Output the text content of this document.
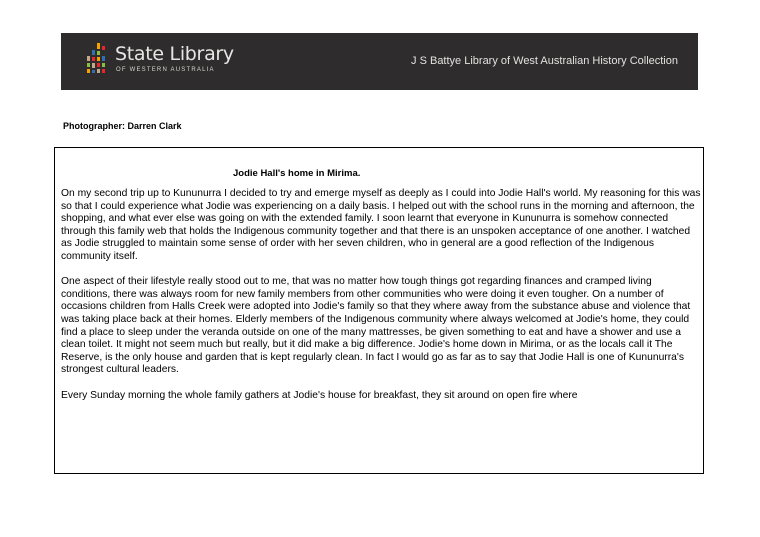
State Library
OF WESTERN AUSTRALIA
J S Battye Library of West Australian History Collection
Photographer: Darren Clark
Jodie Hall's home in Mirima.

On my second trip up to Kununurra I decided to try and emerge myself as deeply as I could into Jodie Hall's world. My reasoning for this was so that I could experience what Jodie was experiencing on a daily basis. I helped out with the school runs in the morning and afternoon, the shopping, and what ever else was going on with the extended family. I soon learnt that everyone in Kununurra is somehow connected through this family web that holds the Indigenous community together and that there is an unspoken acceptance of one another. I watched as Jodie struggled to maintain some sense of order with her seven children, who in general are a good reflection of the Indigenous community itself.

One aspect of their lifestyle really stood out to me, that was no matter how tough things got regarding finances and cramped living conditions, there was always room for new family members from other communities who were doing it even tougher. On a number of occasions children from Halls Creek were adopted into Jodie's family so that they where away from the substance abuse and violence that was taking place back at their homes. Elderly members of the Indigenous community where always welcomed at Jodie's home, they could find a place to sleep under the veranda outside on one of the many mattresses, be given something to eat and have a shower and use a clean toilet. It might not seem much but really, but it did make a big difference. Jodie's home down in Mirima, or as the locals call it The Reserve, is the only house and garden that is kept regularly clean. In fact I would go as far as to say that Jodie Hall is one of Kununurra's strongest cultural leaders.

Every Sunday morning the whole family gathers at Jodie's house for breakfast, they sit around on open fire where
